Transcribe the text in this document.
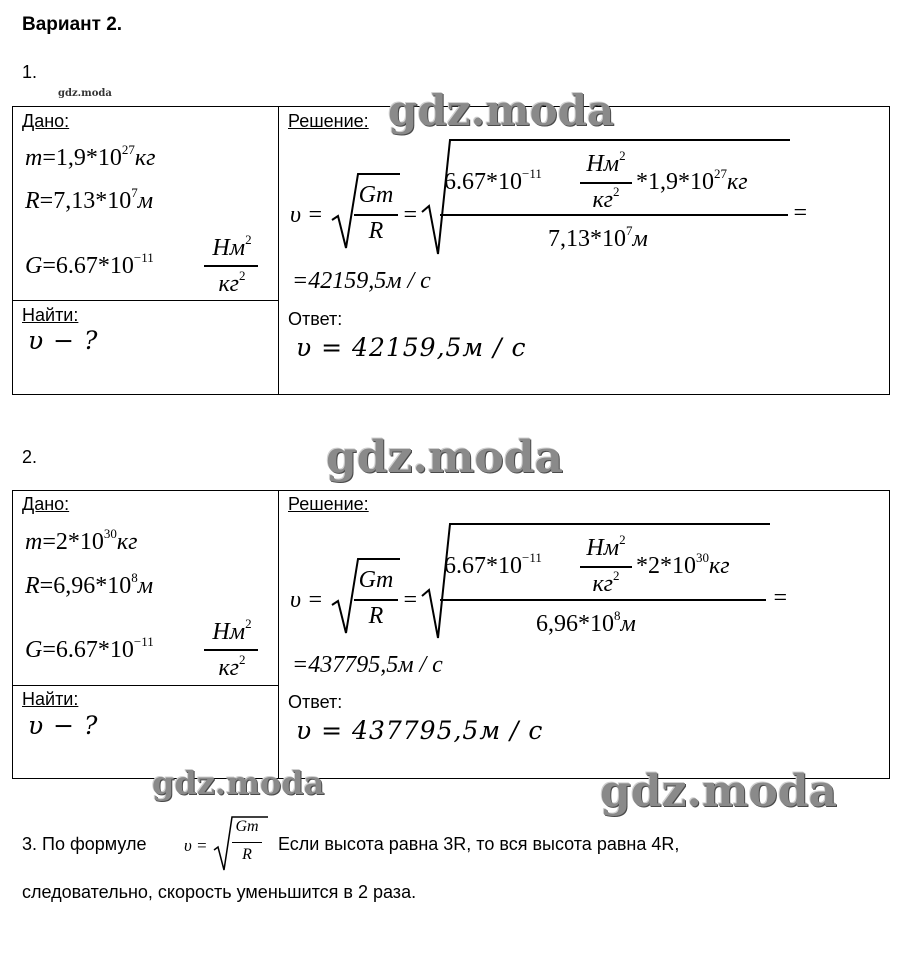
Вариант 2.
1.
gdz.moda
Дано:
$m=1,9*10^{27}кг$
$R=7,13*10^7м$
$G=6.67*10^{-11}$	$Нм^2$
$кг^2$
Найти:
υ − ?
Решение:
υ =
Gm
R
=
$6.67*10^{-11}$	$Нм^2$
$кг^2$ $*1,9*10^{27}кг$
$7,13*10^7м$
=
=42159,5м / с
Ответ:
υ = 42159,5м / с
gdz.moda
2.	gdz.moda
Дано:
$m=2*10^{30}кг$
$R=6,96*10^8м$
$G=6.67*10^{-11}$	$Нм^2$
$кг^2$
Найти:
υ − ?
Решение:
υ =
Gm
R
=
$6.67*10^{-11}$	$Нм^2$
$кг^2$ $*2*10^{30}кг$
$6,96*10^8м$
=
=437795,5м / с
Ответ:
υ = 437795,5м / с
gdz.moda	gdz.moda
3. По формуле υ =
Gm
R
Если высота равна 3R, то вся высота равна 4R,
следовательно, скорость уменьшится в 2 раза.
